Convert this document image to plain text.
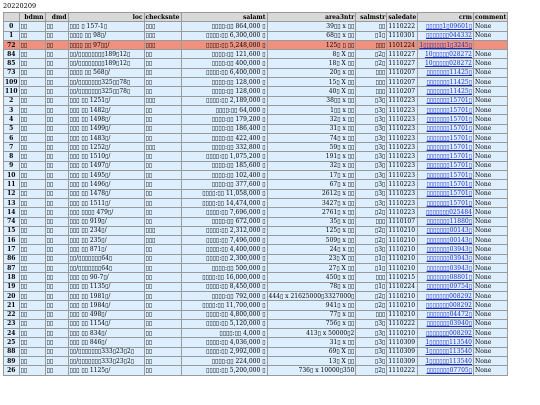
20220209
	bdmn	dmd	loc	checksnte	salamt	area3ntr	salmstr	saledate	crm	comment
0	▯▯	▯▯	▯▯▯ ▯ 157-1▯	▯▯▯	▯▯▯▯:▯▯ 864,000 ▯	39▯▯ x ▯▯	▯▯	1110222	▯▯▯▯▯1▯09601▯	None
1	▯▯	▯▯	▯▯▯▯ ▯▯ 98▯/	▯▯▯	▯▯▯▯:▯▯ 6,300,000 ▯	68▯▯ x ▯▯	▯1▯	1110301	▯▯▯▯▯▯▯044332	None
72	▯▯	▯▯	▯▯▯▯ ▯▯ 97▯▯/	▯▯▯	▯▯▯▯:▯▯ 5,248,000 ▯	125▯ ▯ ▯▯	▯▯▯	1101224	1▯▯▯▯▯▯▯1▯3245▯	
84	▯▯	▯▯	▯▯/▯▯▯▯▯▯▯▯189▯12▯	▯▯	▯▯▯▯:▯▯ 121,600 ▯	8▯ X ▯▯	▯2▯	1110227	10▯▯▯▯▯028272	None
85	▯▯	▯▯	▯▯/▯▯▯▯▯▯▯▯189▯12▯	▯▯	▯▯▯▯:▯▯ 400,000 ▯	18▯ X ▯▯	▯2▯	1110227	10▯▯▯▯▯028272	None
73	▯▯	▯▯	▯▯▯▯ ▯▯ 568▯/	▯▯	▯▯▯▯:▯▯ 6,400,000 ▯	20▯ x ▯▯	▯▯▯	1110207	▯▯▯▯▯▯▯11425▯	None
109	▯▯	▯▯	▯▯/▯▯▯▯▯▯▯325▯▯78▯	▯▯	▯▯▯▯:▯▯ 128,000 ▯	15▯ X ▯▯	▯▯▯	1110207	▯▯▯▯▯▯▯11425▯	None
110	▯▯	▯▯	▯▯/▯▯▯▯▯▯▯325▯▯78▯	▯▯	▯▯▯▯:▯▯ 128,000 ▯	40▯ X ▯▯	▯▯▯	1110207	▯▯▯▯▯▯▯11425▯	None
2	▯▯	▯▯	▯▯▯ ▯▯ 1251▯/	▯▯▯	▯▯▯▯:▯▯ 2,189,000 ▯	38▯▯ x ▯▯	▯3▯	1110223	▯▯▯▯▯▯▯15701▯	None
3	▯▯	▯▯	▯▯▯ ▯▯ 1482▯/	▯▯	▯▯▯▯:▯▯ 64,000 ▯	1▯▯ x ▯▯	▯3▯	1110223	▯▯▯▯▯▯▯15701▯	None
4	▯▯	▯▯	▯▯▯ ▯▯ 1498▯/	▯▯	▯▯▯▯:▯▯ 179,200 ▯	32▯ x ▯▯	▯3▯	1110223	▯▯▯▯▯▯▯15701▯	None
5	▯▯	▯▯	▯▯▯ ▯▯ 1499▯/	▯▯	▯▯▯▯:▯▯ 186,400 ▯	31▯ x ▯▯	▯3▯	1110223	▯▯▯▯▯▯▯15701▯	None
6	▯▯	▯▯	▯▯▯ ▯▯ 1483▯/	▯▯	▯▯▯▯:▯▯ 422,400 ▯	74▯ x ▯▯	▯3▯	1110223	▯▯▯▯▯▯▯15701▯	None
7	▯▯	▯▯	▯▯▯ ▯▯ 1252▯/	▯▯▯	▯▯▯▯:▯▯ 332,800 ▯	59▯ x ▯▯	▯3▯	1110223	▯▯▯▯▯▯▯15701▯	None
8	▯▯	▯▯	▯▯▯ ▯▯ 1510▯/	▯▯	▯▯▯▯:▯▯ 1,075,200 ▯	191▯ x ▯▯	▯3▯	1110223	▯▯▯▯▯▯▯15701▯	None
9	▯▯	▯▯	▯▯▯ ▯▯ 1497▯/	▯▯	▯▯▯▯:▯▯ 185,600 ▯	32▯ x ▯▯	▯3▯	1110223	▯▯▯▯▯▯▯15701▯	None
10	▯▯	▯▯	▯▯▯ ▯▯ 1495▯/	▯▯	▯▯▯▯:▯▯ 102,400 ▯	17▯ x ▯▯	▯3▯	1110223	▯▯▯▯▯▯▯15701▯	None
11	▯▯	▯▯	▯▯▯ ▯▯ 1496▯/	▯▯	▯▯▯▯:▯▯ 377,600 ▯	67▯ x ▯▯	▯3▯	1110223	▯▯▯▯▯▯▯15701▯	None
12	▯▯	▯▯	▯▯▯ ▯▯ 1478▯/	▯▯	▯▯▯▯:▯▯ 11,058,000 ▯	2612▯ x ▯▯	▯3▯	1110223	▯▯▯▯▯▯▯15701▯	None
13	▯▯	▯▯	▯▯▯ ▯▯ 1511▯/	▯▯	▯▯▯▯:▯▯ 14,474,000 ▯	3427▯ x ▯▯	▯3▯	1110223	▯▯▯▯▯▯▯15701▯	None
14	▯▯	▯▯	▯▯▯ ▯▯▯▯ 479▯/	▯▯	▯▯▯▯:▯▯ 7,696,000 ▯	2761▯ x ▯▯	▯2▯	1110223	▯▯▯▯▯▯▯025484	None
74	▯▯	▯▯	▯▯▯ ▯▯ 919▯/	▯▯	▯▯▯▯:▯▯ 672,000 ▯	35▯ x ▯▯	▯▯▯	1110107	▯▯▯▯▯▯▯11880▯	None
15	▯▯	▯▯	▯▯▯ ▯▯ 234▯/	▯▯▯	▯▯▯▯:▯▯ 2,312,000 ▯	125▯ x ▯▯	▯2▯	1110210	▯▯▯▯▯▯▯00143▯	None
16	▯▯	▯▯	▯▯▯ ▯▯ 235▯/	▯▯▯	▯▯▯▯:▯▯ 7,496,000 ▯	509▯ x ▯▯	▯2▯	1110210	▯▯▯▯▯▯▯00143▯	None
17	▯▯	▯▯	▯▯▯ ▯▯ 871▯/	▯▯	▯▯▯▯:▯▯ 4,400,000 ▯	24▯ x ▯▯	▯3▯	1110210	▯▯▯▯▯▯▯03943▯	None
86	▯▯	▯▯	▯▯/▯▯▯▯▯▯▯64▯	▯▯	▯▯▯▯:▯▯ 2,300,000 ▯	23▯ X ▯▯	▯1▯	1110210	▯▯▯▯▯▯▯03943▯	None
87	▯▯	▯▯	▯▯/▯▯▯▯▯▯▯64▯	▯▯	▯▯▯▯:▯▯ 500,000 ▯	27▯ X ▯▯	▯1▯	1110210	▯▯▯▯▯▯▯03943▯	None
18	▯▯	▯▯	▯▯▯ ▯▯ 90-7▯/	▯▯	▯▯▯▯:▯▯ 16,000,000 ▯	450▯ x ▯▯	▯▯▯	1110215	▯▯▯▯▯▯▯08801▯	None
19	▯▯	▯▯	▯▯▯ ▯▯ 1135▯/	▯▯	▯▯▯▯:▯▯ 8,450,000 ▯	78▯ x ▯▯	▯1▯	1110224	▯▯▯▯▯▯▯09754▯	None
20	▯▯	▯▯	▯▯▯ ▯▯ 1981▯/	▯▯	▯▯▯▯:▯▯ 792,000 ▯	444▯ x 21625000▯3327000▯	▯2▯	1110210	▯▯▯▯▯▯▯008292	None
21	▯▯	▯▯	▯▯▯ ▯▯ 1984▯/	▯▯	▯▯▯▯:▯▯ 11,700,000 ▯	941▯ x ▯▯	▯2▯	1110210	▯▯▯▯▯▯▯008292	None
22	▯▯	▯▯	▯▯▯ ▯▯ 498▯/	▯▯	▯▯▯▯:▯▯ 4,800,000 ▯	77▯ x ▯▯	▯▯▯	1110210	▯▯▯▯▯▯▯04472▯	None
23	▯▯	▯▯	▯▯▯ ▯▯ 1154▯/	▯▯	▯▯▯▯:▯▯ 5,120,000 ▯	756▯ x ▯▯	▯3▯	1110222	▯▯▯▯▯▯▯03940▯	None
24	▯▯	▯▯	▯▯▯ ▯▯ 834▯/	▯▯	▯▯▯▯:▯▯ 4,000 ▯	413▯ x 50000▯2	▯3▯	1110210	▯▯▯▯▯▯▯008292	None
25	▯▯	▯▯	▯▯▯ ▯▯ 846▯/	▯▯	▯▯▯▯:▯▯ 4,036,000 ▯	31▯ x ▯▯	▯3▯	1110309	1▯▯▯▯▯▯113540	None
88	▯▯	▯▯	▯▯/▯▯▯▯▯▯▯333▯23▯2▯	▯▯	▯▯▯▯:▯▯ 2,992,000 ▯	69▯ X ▯▯	▯3▯	1110309	1▯▯▯▯▯▯113540	None
89	▯▯	▯▯	▯▯/▯▯▯▯▯▯▯333▯23▯2▯	▯▯	▯▯▯▯:▯▯ 224,000 ▯	13▯ X ▯▯	▯3▯	1110309	1▯▯▯▯▯▯113540	None
26	▯▯	▯▯	▯▯▯ ▯▯ 1125▯/	▯▯	▯▯▯▯:▯▯ 5,200,000 ▯	736▯ x 10000▯350	▯2▯	1110222	▯▯▯▯▯▯▯07705▯	None
